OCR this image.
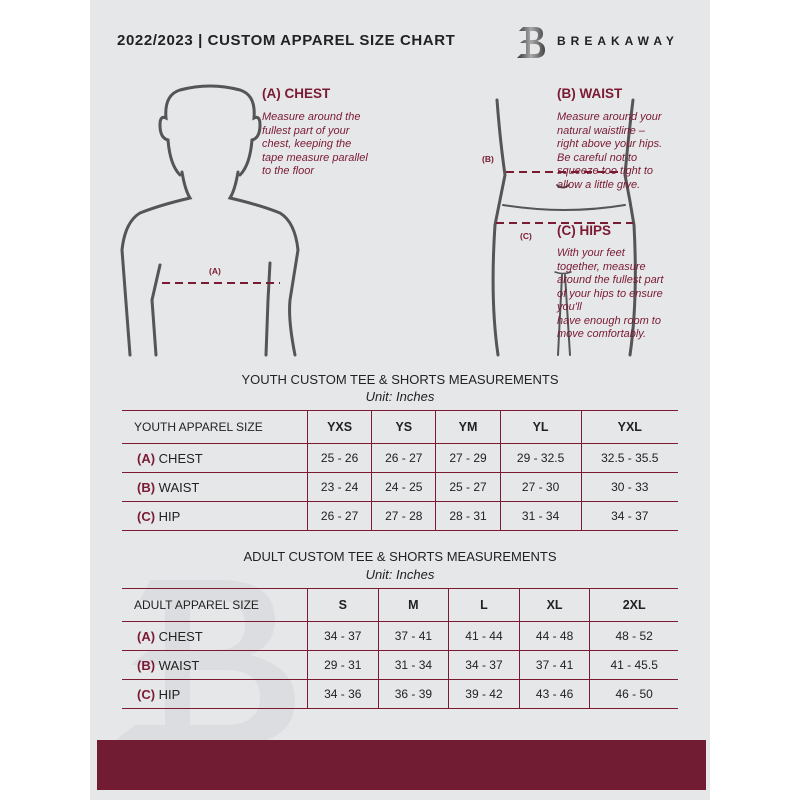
2022/2023 | CUSTOM APPAREL SIZE CHART	BREAKAWAY
(A)
(B)
(C)
(A) CHEST
Measure around the
fullest part of your
chest, keeping the
tape measure parallel
to the floor
(B) WAIST
Measure around your
natural waistline –
right above your hips.
Be careful not to
squeeze too tight to
allow a little give.
(C) HIPS
With your feet
together, measure
around the fullest part
of your hips to ensure
you'll
have enough room to
move comfortably.
YOUTH CUSTOM TEE & SHORTS MEASUREMENTS
Unit: Inches
YOUTH APPAREL SIZE	YXS	YS	YM	YL	YXL
(A) CHEST	25 - 26	26 - 27	27 - 29	29 - 32.5	32.5 - 35.5
(B) WAIST	23 - 24	24 - 25	25 - 27	27 - 30	30 - 33
(C) HIP	26 - 27	27 - 28	28 - 31	31 - 34	34 - 37
ADULT CUSTOM TEE & SHORTS MEASUREMENTS
Unit: Inches
ADULT APPAREL SIZE	S	M	L	XL	2XL
(A) CHEST	34 - 37	37 - 41	41 - 44	44 - 48	48 - 52
(B) WAIST	29 - 31	31 - 34	34 - 37	37 - 41	41 - 45.5
(C) HIP	34 - 36	36 - 39	39 - 42	43 - 46	46 - 50
